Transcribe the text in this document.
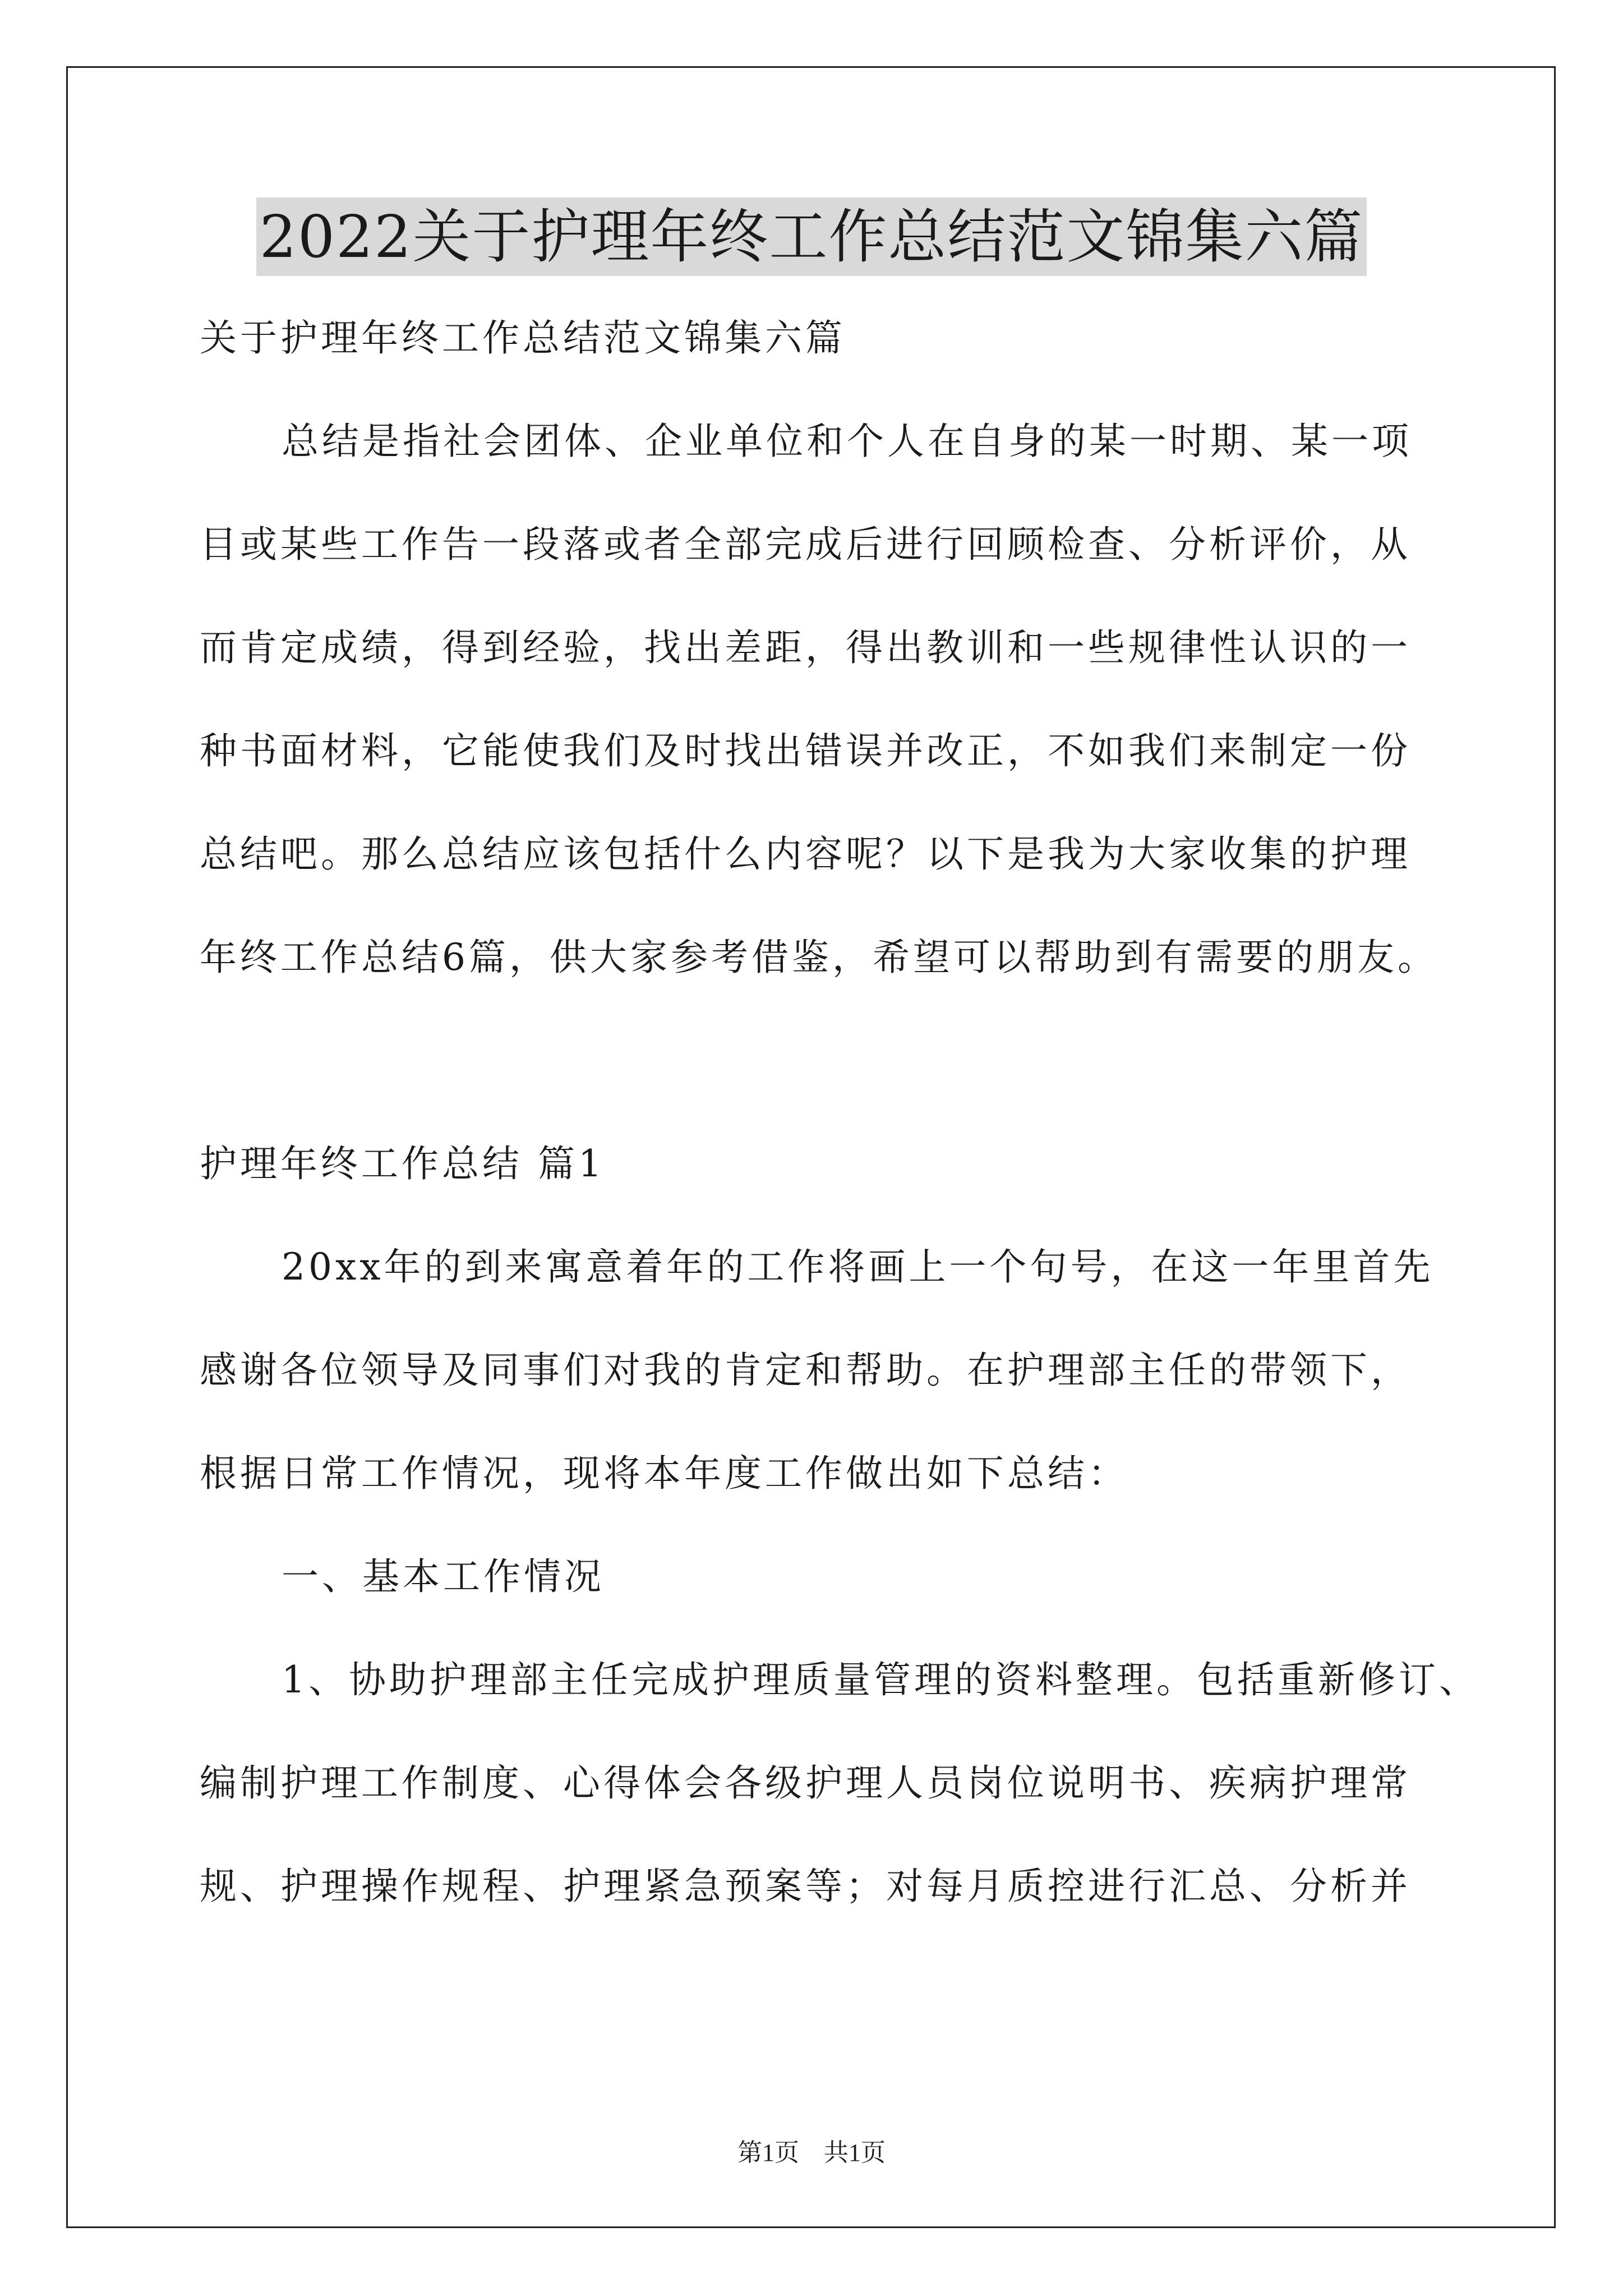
2022关于护理年终工作总结范文锦集六篇
关于护理年终工作总结范文锦集六篇
总结是指社会团体、企业单位和个人在自身的某一时期、某一项
目或某些工作告一段落或者全部完成后进行回顾检查、分析评价，从
而肯定成绩，得到经验，找出差距，得出教训和一些规律性认识的一
种书面材料，它能使我们及时找出错误并改正，不如我们来制定一份
总结吧。那么总结应该包括什么内容呢？以下是我为大家收集的护理
年终工作总结6篇，供大家参考借鉴，希望可以帮助到有需要的朋友。
护理年终工作总结 篇1
20xx年的到来寓意着年的工作将画上一个句号，在这一年里首先
感谢各位领导及同事们对我的肯定和帮助。在护理部主任的带领下，
根据日常工作情况，现将本年度工作做出如下总结：
一、基本工作情况
1、协助护理部主任完成护理质量管理的资料整理。包括重新修订、
编制护理工作制度、心得体会各级护理人员岗位说明书、疾病护理常
规、护理操作规程、护理紧急预案等；对每月质控进行汇总、分析并
第1页 共1页
